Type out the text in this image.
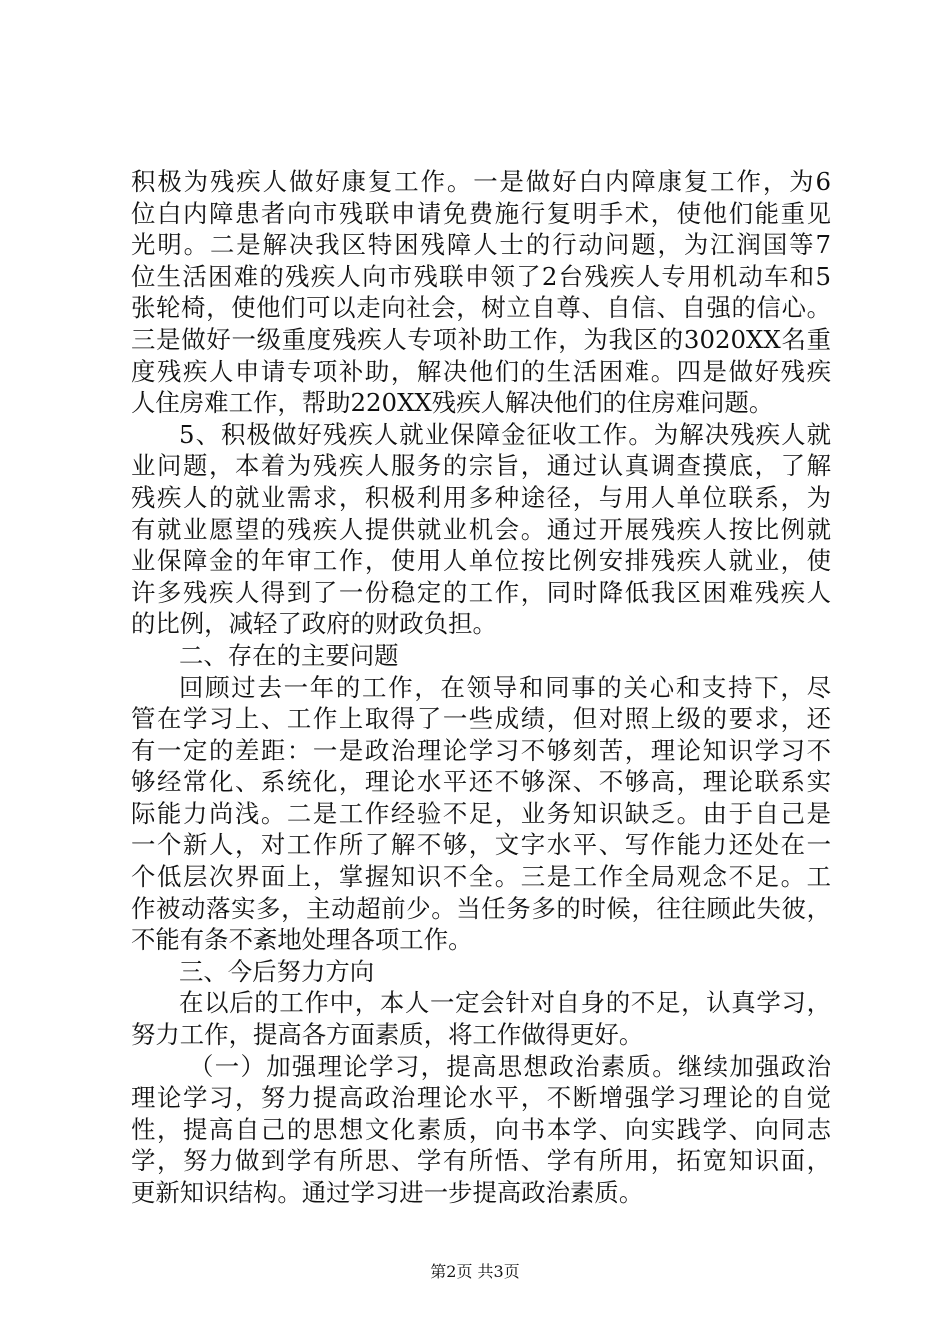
积极为残疾人做好康复工作。一是做好白内障康复工作，为6
位白内障患者向市残联申请免费施行复明手术，使他们能重见
光明。二是解决我区特困残障人士的行动问题，为江润国等7
位生活困难的残疾人向市残联申领了2台残疾人专用机动车和5
张轮椅，使他们可以走向社会，树立自尊、自信、自强的信心。
三是做好一级重度残疾人专项补助工作，为我区的3020XX名重
度残疾人申请专项补助，解决他们的生活困难。四是做好残疾
人住房难工作，帮助220XX残疾人解决他们的住房难问题。
5、积极做好残疾人就业保障金征收工作。为解决残疾人就
业问题，本着为残疾人服务的宗旨，通过认真调查摸底，了解
残疾人的就业需求，积极利用多种途径，与用人单位联系，为
有就业愿望的残疾人提供就业机会。通过开展残疾人按比例就
业保障金的年审工作，使用人单位按比例安排残疾人就业，使
许多残疾人得到了一份稳定的工作，同时降低我区困难残疾人
的比例，减轻了政府的财政负担。
二、存在的主要问题
回顾过去一年的工作，在领导和同事的关心和支持下，尽
管在学习上、工作上取得了一些成绩，但对照上级的要求，还
有一定的差距：一是政治理论学习不够刻苦，理论知识学习不
够经常化、系统化，理论水平还不够深、不够高，理论联系实
际能力尚浅。二是工作经验不足，业务知识缺乏。由于自己是
一个新人，对工作所了解不够，文字水平、写作能力还处在一
个低层次界面上，掌握知识不全。三是工作全局观念不足。工
作被动落实多，主动超前少。当任务多的时候，往往顾此失彼，
不能有条不紊地处理各项工作。
三、今后努力方向
在以后的工作中，本人一定会针对自身的不足，认真学习，
努力工作，提高各方面素质，将工作做得更好。
（一）加强理论学习，提高思想政治素质。继续加强政治
理论学习，努力提高政治理论水平，不断增强学习理论的自觉
性，提高自己的思想文化素质，向书本学、向实践学、向同志
学，努力做到学有所思、学有所悟、学有所用，拓宽知识面，
更新知识结构。通过学习进一步提高政治素质。
第2页 共3页
